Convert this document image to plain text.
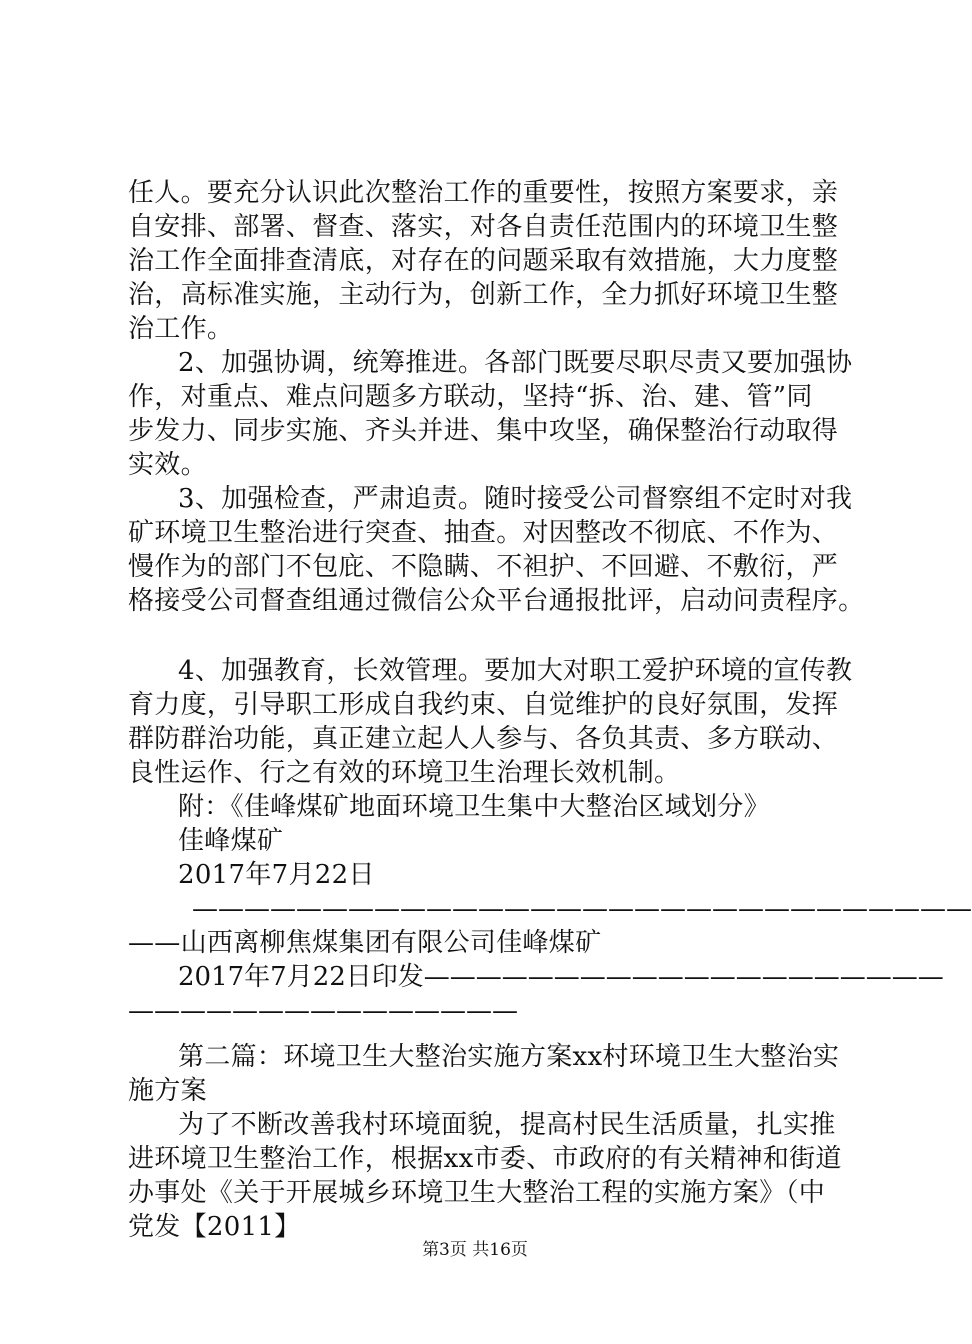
任人。要充分认识此次整治工作的重要性，按照方案要求，亲
自安排、部署、督查、落实，对各自责任范围内的环境卫生整
治工作全面排查清底，对存在的问题采取有效措施，大力度整
治，高标准实施，主动行为，创新工作，全力抓好环境卫生整
治工作。
2、加强协调，统筹推进。各部门既要尽职尽责又要加强协
作，对重点、难点问题多方联动，坚持“拆、治、建、管”同
步发力、同步实施、齐头并进、集中攻坚，确保整治行动取得
实效。
3、加强检查，严肃追责。随时接受公司督察组不定时对我
矿环境卫生整治进行突查、抽查。对因整改不彻底、不作为、
慢作为的部门不包庇、不隐瞒、不袒护、不回避、不敷衍，严
格接受公司督查组通过微信公众平台通报批评，启动问责程序。
4、加强教育，长效管理。要加大对职工爱护环境的宣传教
育力度，引导职工形成自我约束、自觉维护的良好氛围，发挥
群防群治功能，真正建立起人人参与、各负其责、多方联动、
良性运作、行之有效的环境卫生治理长效机制。
附：《佳峰煤矿地面环境卫生集中大整治区域划分》
佳峰煤矿
2017年7月22日
——————————————————————————————
——山西离柳焦煤集团有限公司佳峰煤矿
2017年7月22日印发————————————————————
———————————————
第二篇：环境卫生大整治实施方案xx村环境卫生大整治实
施方案
为了不断改善我村环境面貌，提高村民生活质量，扎实推
进环境卫生整治工作，根据xx市委、市政府的有关精神和街道
办事处《关于开展城乡环境卫生大整治工程的实施方案》（中
党发【2011】
第3页 共16页
